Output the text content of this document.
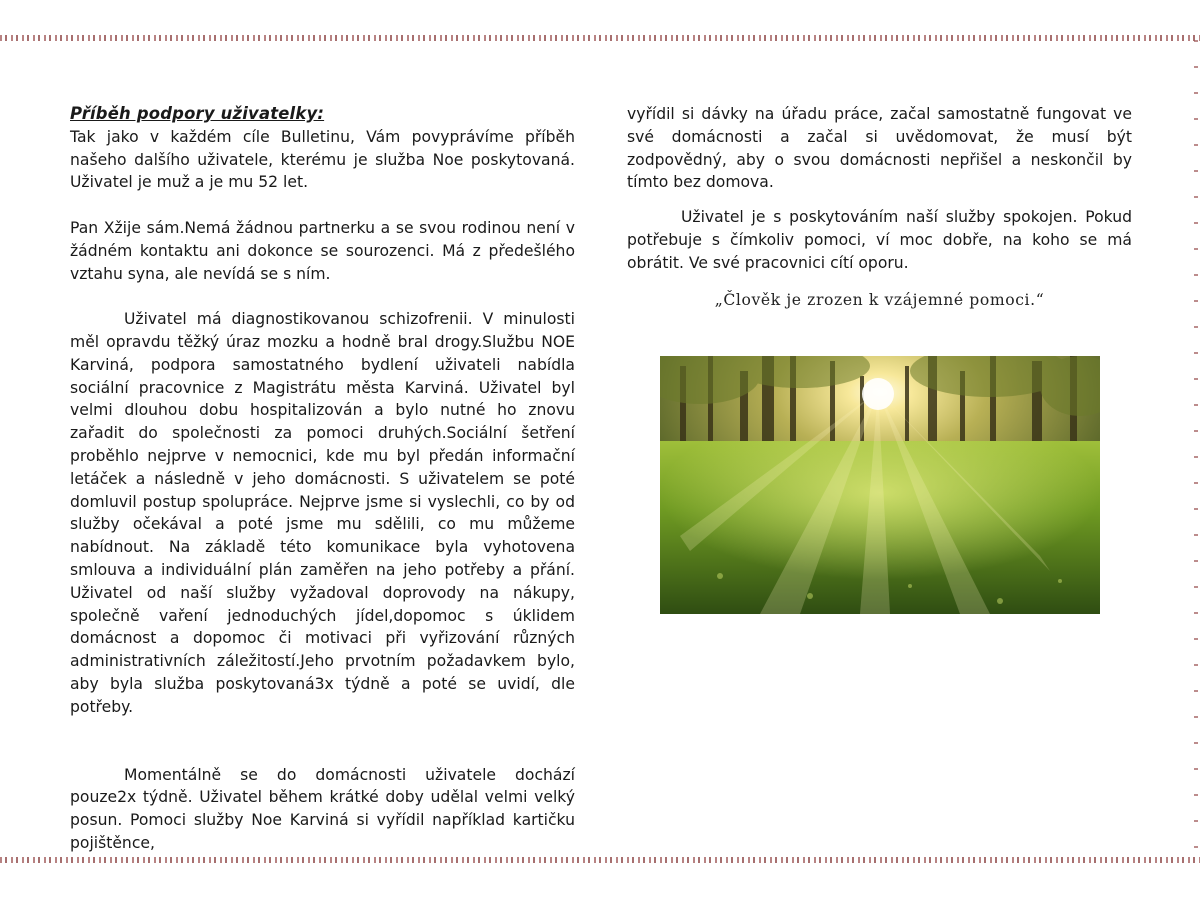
Příběh podpory uživatelky:

Tak jako v každém cíle Bulletinu, Vám povyprávíme příběh našeho dalšího uživatele, kterému je služba Noe poskytovaná. Uživatel je muž a je mu 52 let.

Pan Xžije sám.Nemá žádnou partnerku a se svou rodinou není v žádném kontaktu ani dokonce se sourozenci. Má z předešlého vztahu syna, ale nevídá se s ním.

Uživatel má diagnostikovanou schizofrenii. V minulosti měl opravdu těžký úraz mozku a hodně bral drogy.Službu NOE Karviná, podpora samostatného bydlení uživateli nabídla sociální pracovnice z Magistrátu města Karviná. Uživatel byl velmi dlouhou dobu hospitalizován a bylo nutné ho znovu zařadit do společnosti za pomoci druhých.Sociální šetření proběhlo nejprve v nemocnici, kde mu byl předán informační letáček a následně v jeho domácnosti. S uživatelem se poté domluvil postup spolupráce. Nejprve jsme si vyslechli, co by od služby očekával a poté jsme mu sdělili, co mu můžeme nabídnout. Na základě této komunikace byla vyhotovena smlouva a individuální plán zaměřen na jeho potřeby a přání. Uživatel od naší služby vyžadoval doprovody na nákupy, společně vaření jednoduchých jídel,dopomoc s úklidem domácnost a dopomoc či motivaci při vyřizování různých administrativních záležitostí.Jeho prvotním požadavkem bylo, aby byla služba poskytovaná3x týdně a poté se uvidí, dle potřeby.

Momentálně se do domácnosti uživatele dochází pouze2x týdně. Uživatel během krátké doby udělal velmi velký posun. Pomoci služby Noe Karviná si vyřídil například kartičku pojištěnce,

vyřídil si dávky na úřadu práce, začal samostatně fungovat ve své domácnosti a začal si uvědomovat, že musí být zodpovědný, aby o svou domácnosti nepřišel a neskončil by tímto bez domova.

Uživatel je s poskytováním naší služby spokojen. Pokud potřebuje s čímkoliv pomoci, ví moc dobře, na koho se má obrátit. Ve své pracovnici cítí oporu.

„Člověk je zrozen k vzájemné pomoci.“
